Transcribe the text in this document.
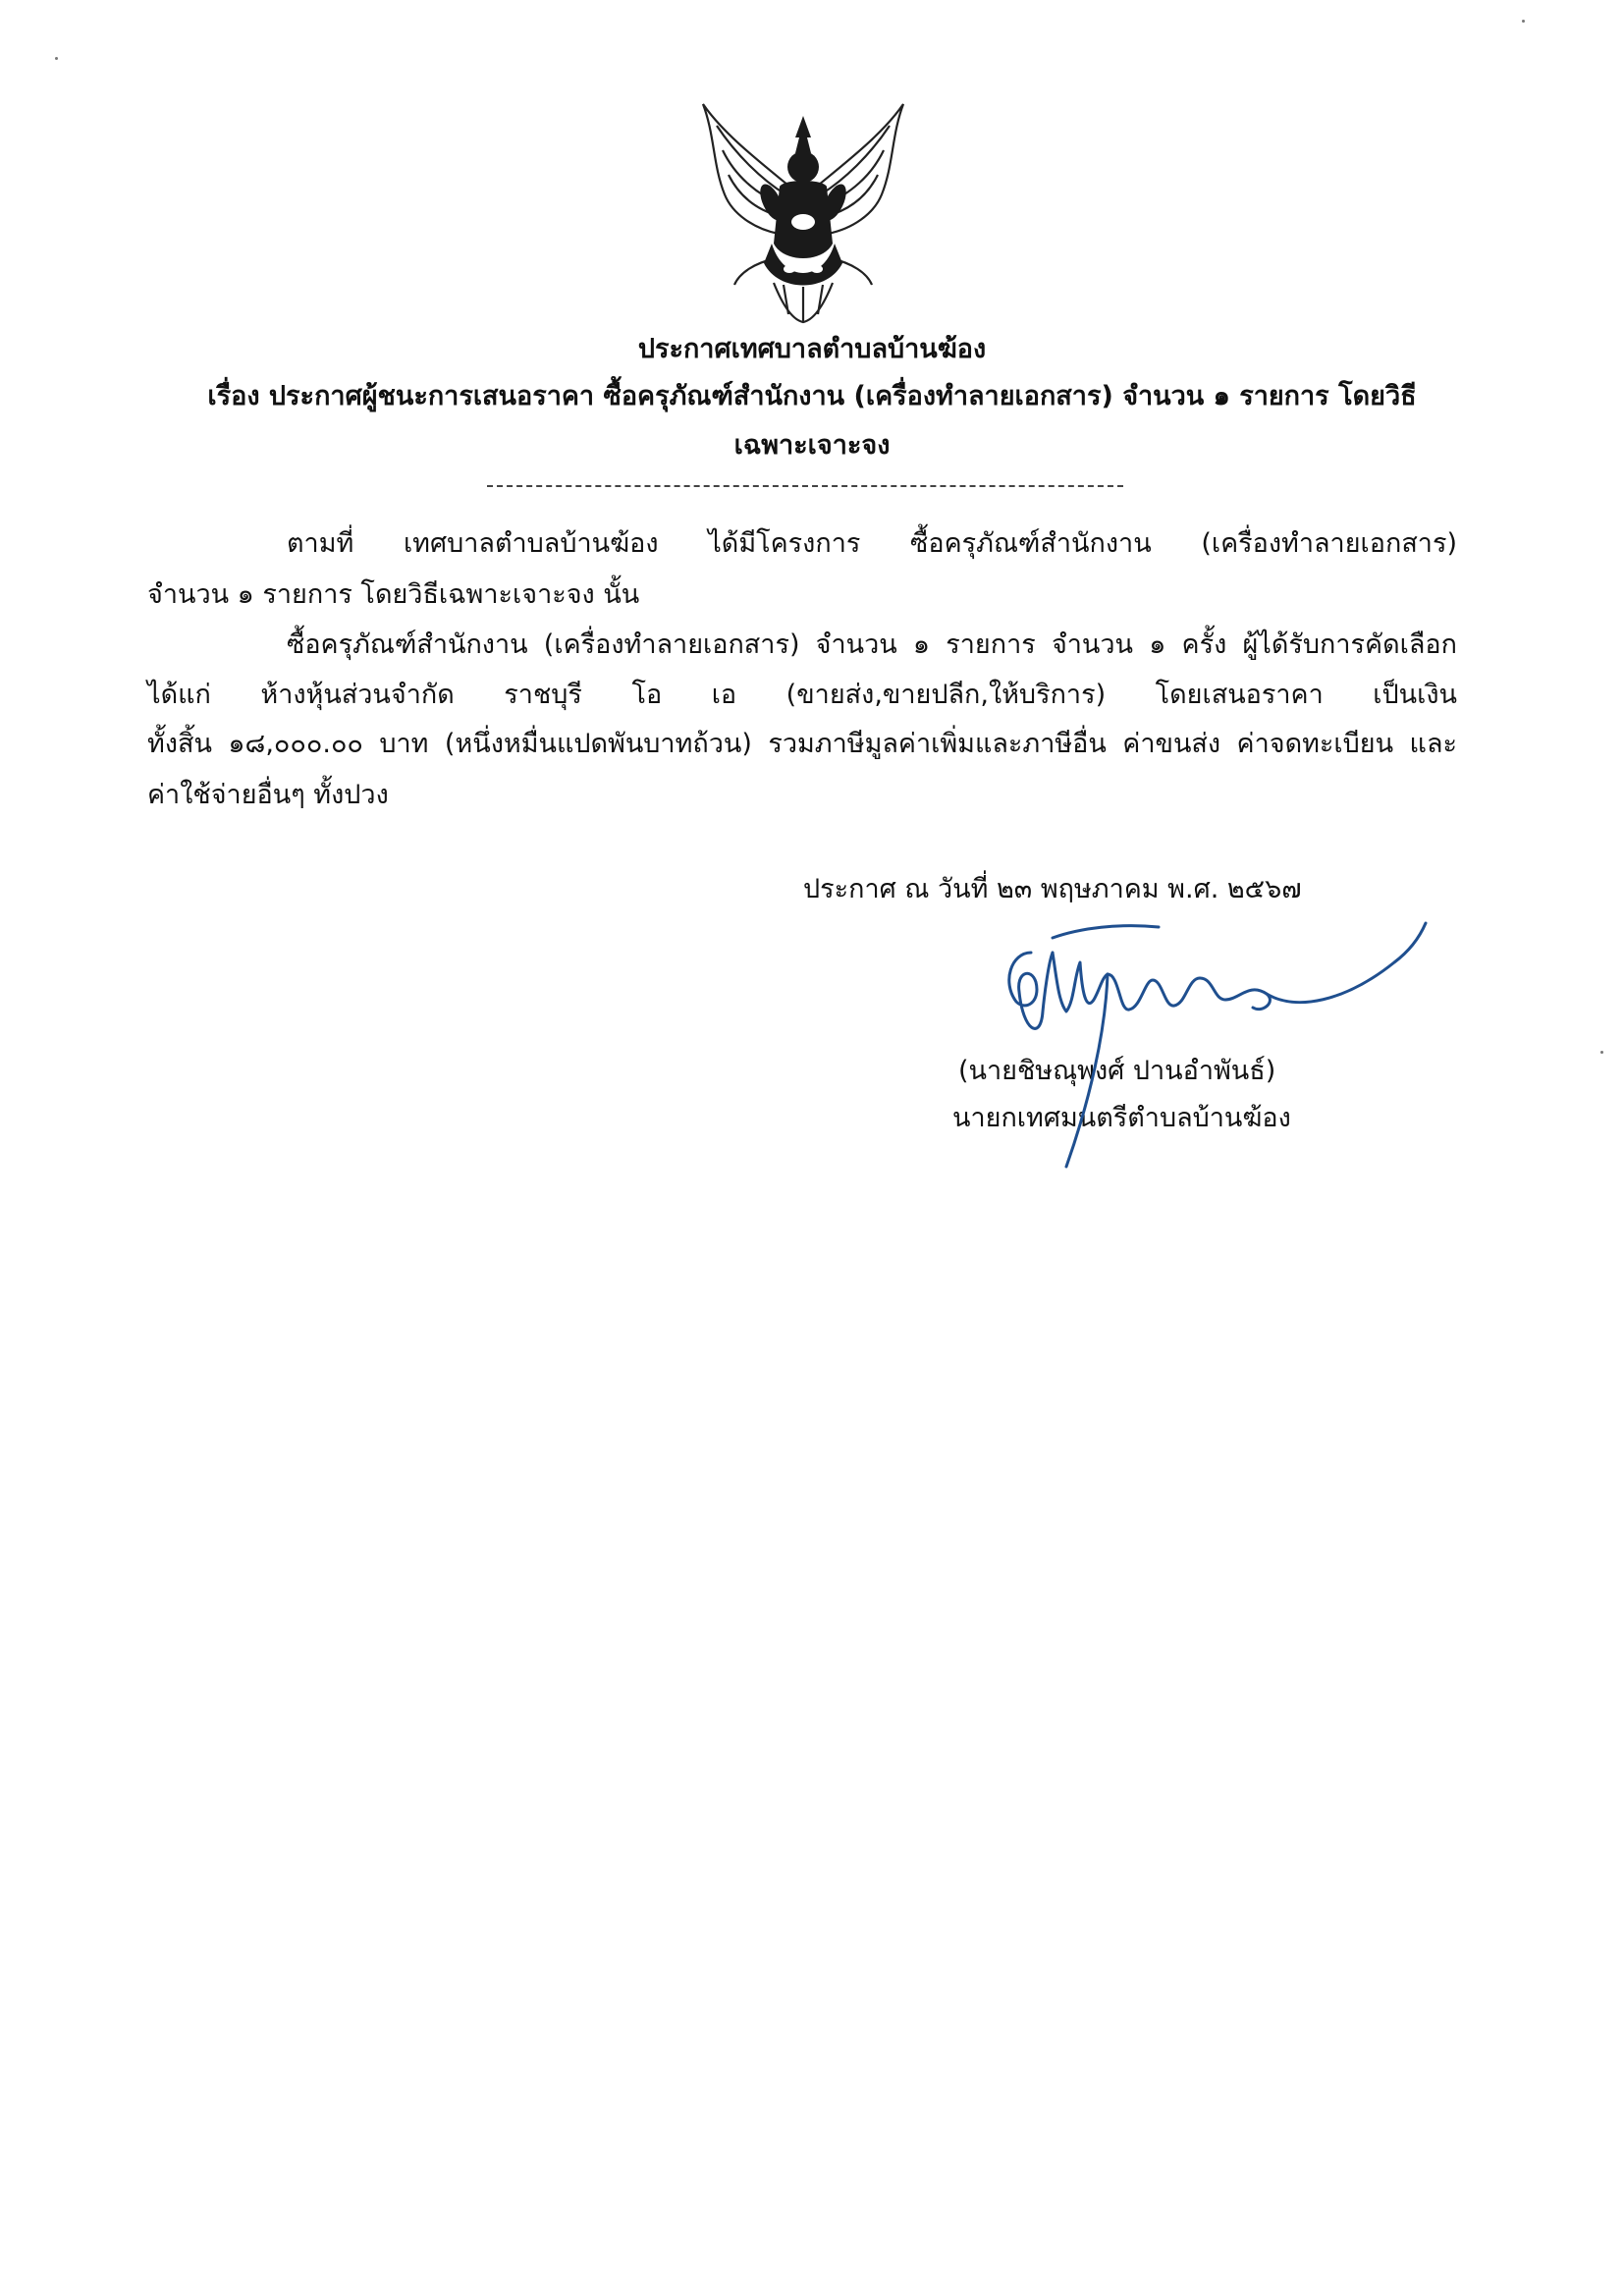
ประกาศเทศบาลตำบลบ้านฆ้อง
เรื่อง ประกาศผู้ชนะการเสนอราคา ซื้อครุภัณฑ์สำนักงาน (เครื่องทำลายเอกสาร) จำนวน ๑ รายการ โดยวิธี
เฉพาะเจาะจง
ตามที่ เทศบาลตำบลบ้านฆ้อง ได้มีโครงการ ซื้อครุภัณฑ์สำนักงาน (เครื่องทำลายเอกสาร)
จำนวน ๑ รายการ โดยวิธีเฉพาะเจาะจง นั้น
ซื้อครุภัณฑ์สำนักงาน (เครื่องทำลายเอกสาร) จำนวน ๑ รายการ จำนวน ๑ ครั้ง ผู้ได้รับการคัดเลือก
ได้แก่ ห้างหุ้นส่วนจำกัด ราชบุรี โอ เอ (ขายส่ง,ขายปลีก,ให้บริการ) โดยเสนอราคา เป็นเงิน
ทั้งสิ้น ๑๘,๐๐๐.๐๐ บาท (หนึ่งหมื่นแปดพันบาทถ้วน) รวมภาษีมูลค่าเพิ่มและภาษีอื่น ค่าขนส่ง ค่าจดทะเบียน และ
ค่าใช้จ่ายอื่นๆ ทั้งปวง
ประกาศ ณ วันที่ ๒๓ พฤษภาคม พ.ศ. ๒๕๖๗
(นายชิษณุพงศ์ ปานอำพันธ์)
นายกเทศมนตรีตำบลบ้านฆ้อง
